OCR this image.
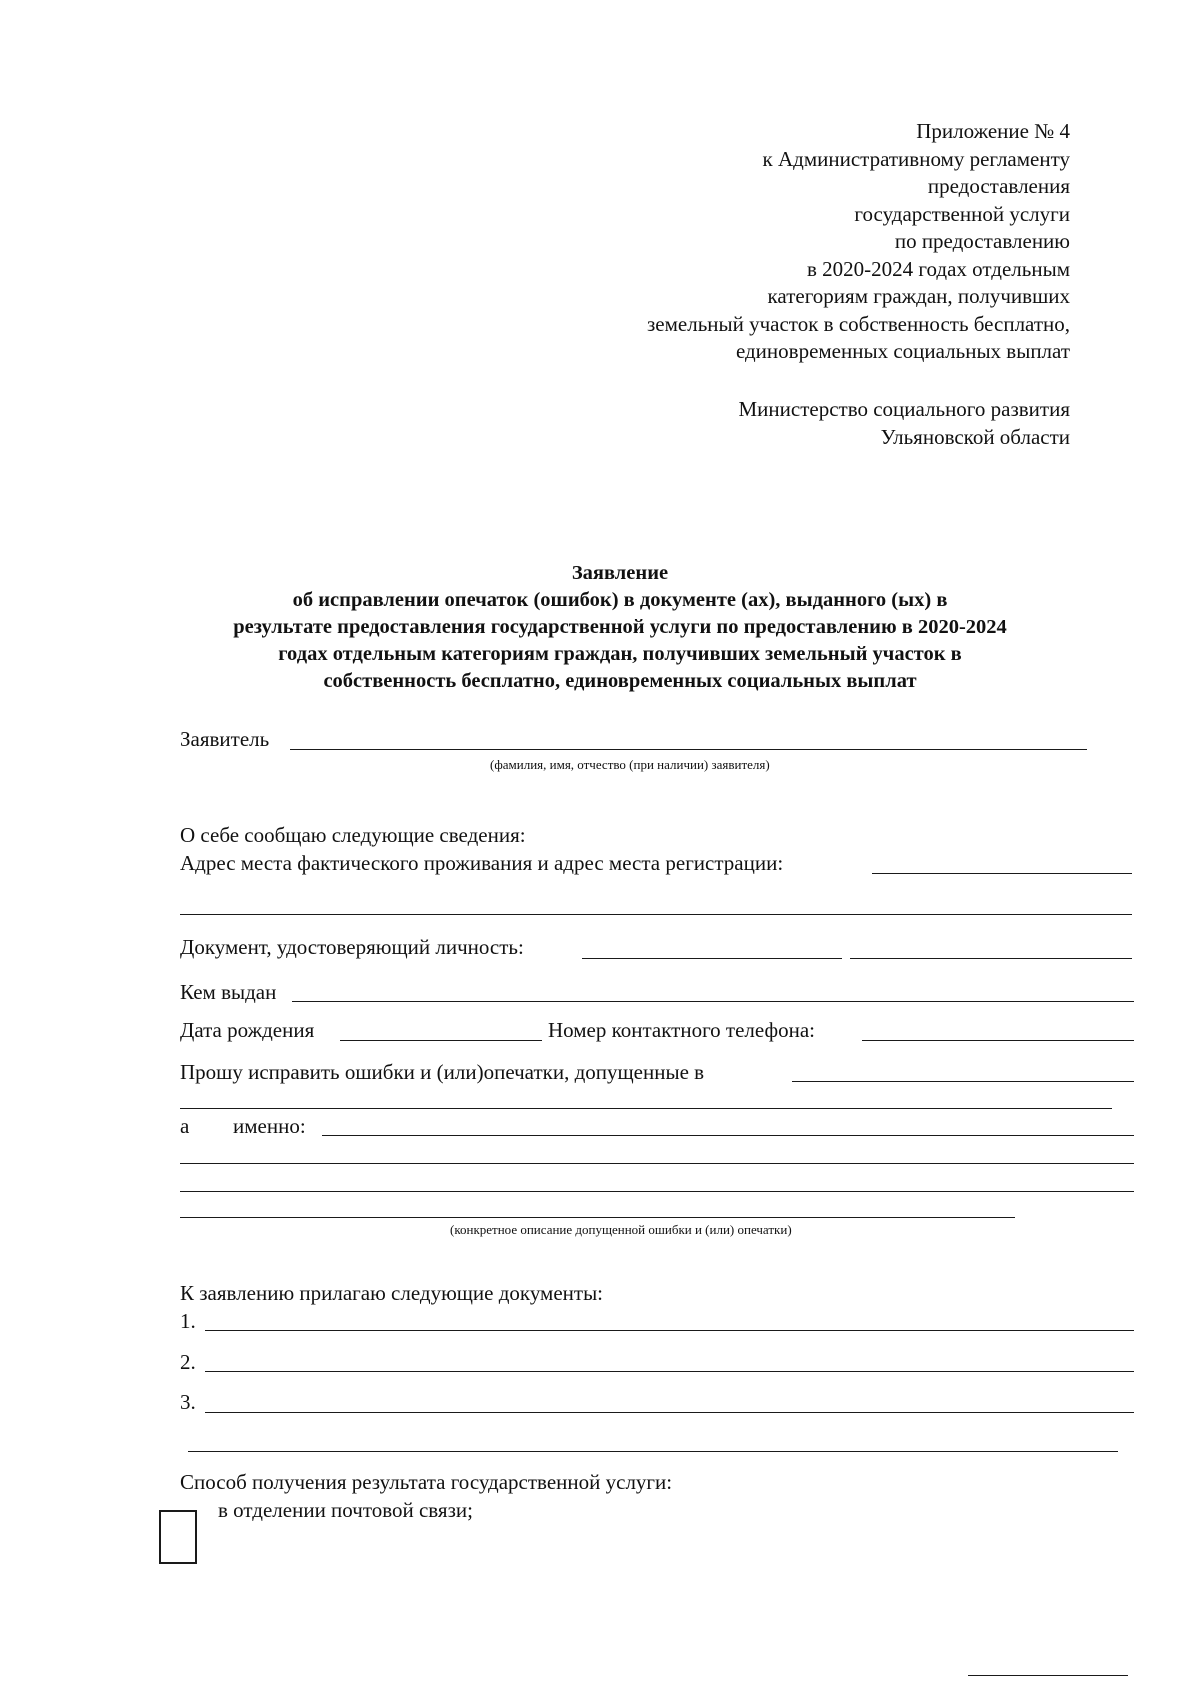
Приложение № 4
к Административному регламенту
предоставления
государственной услуги
по предоставлению
в 2020-2024 годах отдельным
категориям граждан, получивших
земельный участок в собственность бесплатно,
единовременных социальных выплат
Министерство социального развития
Ульяновской области
Заявление
об исправлении опечаток (ошибок) в документе (ах), выданного (ых) в
результате предоставления государственной услуги по предоставлению в 2020-2024
годах отдельным категориям граждан, получивших земельный участок в
собственность бесплатно, единовременных социальных выплат
Заявитель
(фамилия, имя, отчество (при наличии) заявителя)
О себе сообщаю следующие сведения:
Адрес места фактического проживания и адрес места регистрации:
Документ, удостоверяющий личность:
Кем выдан
Дата рождения	Номер контактного телефона:
Прошу исправить ошибки и (или)опечатки, допущенные в
а именно:
(конкретное описание допущенной ошибки и (или) опечатки)
К заявлению прилагаю следующие документы:
1.
2.
3.
Способ получения результата государственной услуги:
в отделении почтовой связи;
